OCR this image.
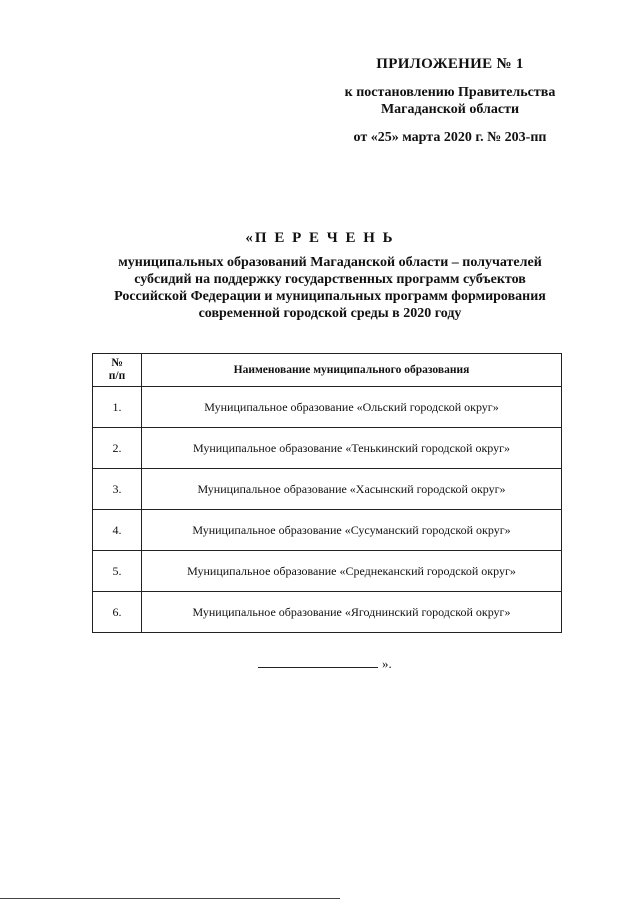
ПРИЛОЖЕНИЕ № 1
к постановлению Правительства
Магаданской области
от «25» марта 2020 г. № 203-пп
«П Е Р Е Ч Е Н Ь
муниципальных образований Магаданской области – получателей
субсидий на поддержку государственных программ субъектов
Российской Федерации и муниципальных программ формирования
современной городской среды в 2020 году
№
п/п	Наименование муниципального образования
1.	Муниципальное образование «Ольский городской округ»
2.	Муниципальное образование «Тенькинский городской округ»
3.	Муниципальное образование «Хасынский городской округ»
4.	Муниципальное образование «Сусуманский городской округ»
5.	Муниципальное образование «Среднеканский городской округ»
6.	Муниципальное образование «Ягоднинский городской округ»
».
